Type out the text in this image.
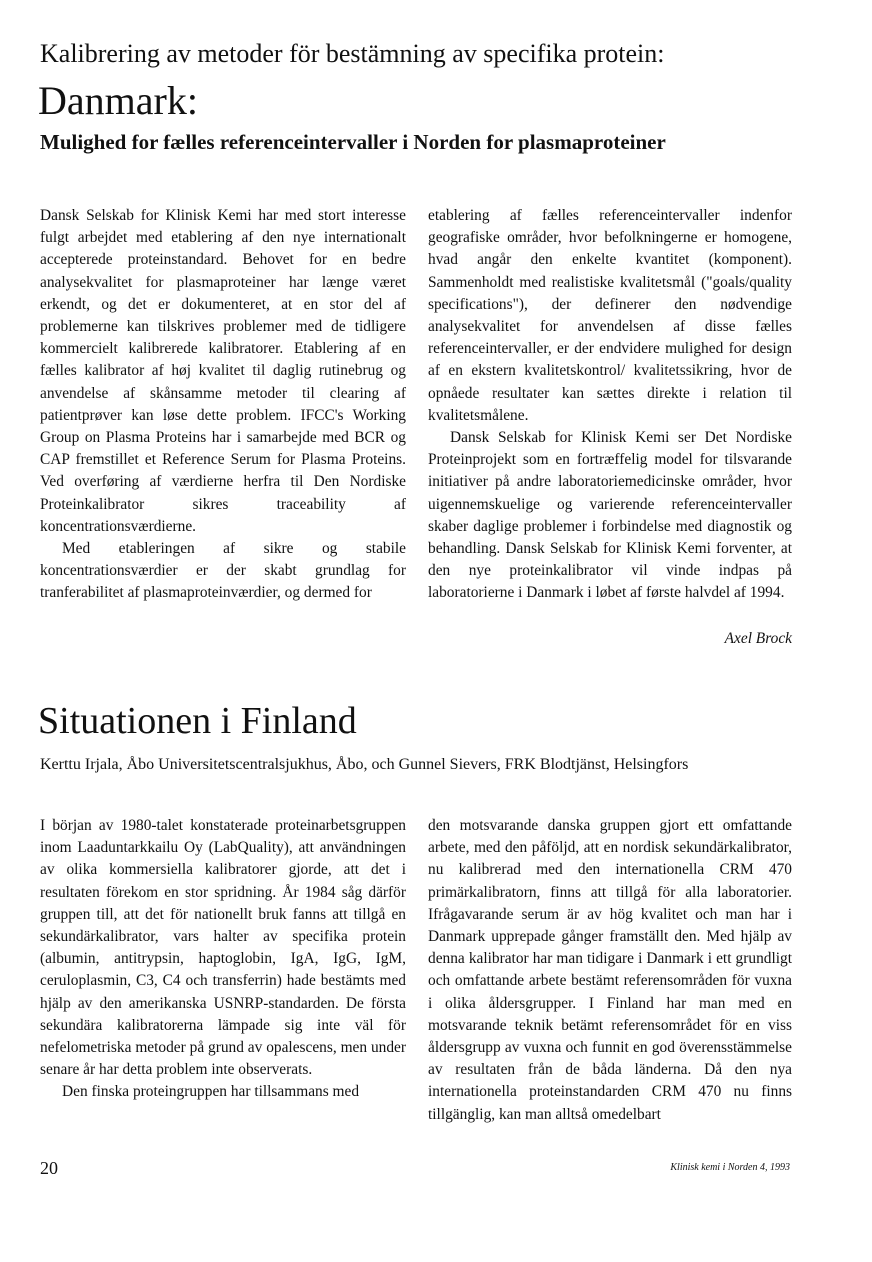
Kalibrering av metoder för bestämning av specifika protein:
Danmark:
Mulighed for fælles referenceintervaller i Norden for plasmaproteiner

Dansk Selskab for Klinisk Kemi har med stort interesse fulgt arbejdet med etablering af den nye internationalt accepterede proteinstandard. Behovet for en bedre analysekvalitet for plasmaproteiner har længe været erkendt, og det er dokumenteret, at en stor del af problemerne kan tilskrives problemer med de tidligere kommercielt kalibrerede kalibratorer. Etablering af en fælles kalibrator af høj kvalitet til daglig rutinebrug og anvendelse af skånsamme metoder til clearing af patientprøver kan løse dette problem. IFCC's Working Group on Plasma Proteins har i samarbejde med BCR og CAP fremstillet et Reference Serum for Plasma Proteins. Ved overføring af værdierne herfra til Den Nordiske Proteinkalibrator sikres traceability af koncentrationsværdierne.

Med etableringen af sikre og stabile koncentrationsværdier er der skabt grundlag for tranferabilitet af plasmaproteinværdier, og dermed for

etablering af fælles referenceintervaller indenfor geografiske områder, hvor befolkningerne er homogene, hvad angår den enkelte kvantitet (komponent). Sammenholdt med realistiske kvalitetsmål ("goals/quality specifications"), der definerer den nødvendige analysekvalitet for anvendelsen af disse fælles referenceintervaller, er der endvidere mulighed for design af en ekstern kvalitetskontrol/ kvalitetssikring, hvor de opnåede resultater kan sættes direkte i relation til kvalitetsmålene.

Dansk Selskab for Klinisk Kemi ser Det Nordiske Proteinprojekt som en fortræffelig model for tilsvarande initiativer på andre laboratoriemedicinske områder, hvor uigennemskuelige og varierende referenceintervaller skaber daglige problemer i forbindelse med diagnostik og behandling. Dansk Selskab for Klinisk Kemi forventer, at den nye proteinkalibrator vil vinde indpas på laboratorierne i Danmark i løbet af første halvdel af 1994.

Axel Brock
Situationen i Finland
Kerttu Irjala, Åbo Universitetscentralsjukhus, Åbo, och Gunnel Sievers, FRK Blodtjänst, Helsingfors

I början av 1980-talet konstaterade proteinarbetsgruppen inom Laaduntarkkailu Oy (LabQuality), att användningen av olika kommersiella kalibratorer gjorde, att det i resultaten förekom en stor spridning. År 1984 såg därför gruppen till, att det för nationellt bruk fanns att tillgå en sekundärkalibrator, vars halter av specifika protein (albumin, antitrypsin, haptoglobin, IgA, IgG, IgM, ceruloplasmin, C3, C4 och transferrin) hade bestämts med hjälp av den amerikanska USNRP-standarden. De första sekundära kalibratorerna lämpade sig inte väl för nefelometriska metoder på grund av opalescens, men under senare år har detta problem inte observerats.

Den finska proteingruppen har tillsammans med

den motsvarande danska gruppen gjort ett omfattande arbete, med den påföljd, att en nordisk sekundärkalibrator, nu kalibrerad med den internationella CRM 470 primärkalibratorn, finns att tillgå för alla laboratorier. Ifrågavarande serum är av hög kvalitet och man har i Danmark upprepade gånger framställt den. Med hjälp av denna kalibrator har man tidigare i Danmark i ett grundligt och omfattande arbete bestämt referensområden för vuxna i olika åldersgrupper. I Finland har man med en motsvarande teknik betämt referensområdet för en viss åldersgrupp av vuxna och funnit en god överensstämmelse av resultaten från de båda länderna. Då den nya internationella proteinstandarden CRM 470 nu finns tillgänglig, kan man alltså omedelbart

20	Klinisk kemi i Norden 4, 1993
